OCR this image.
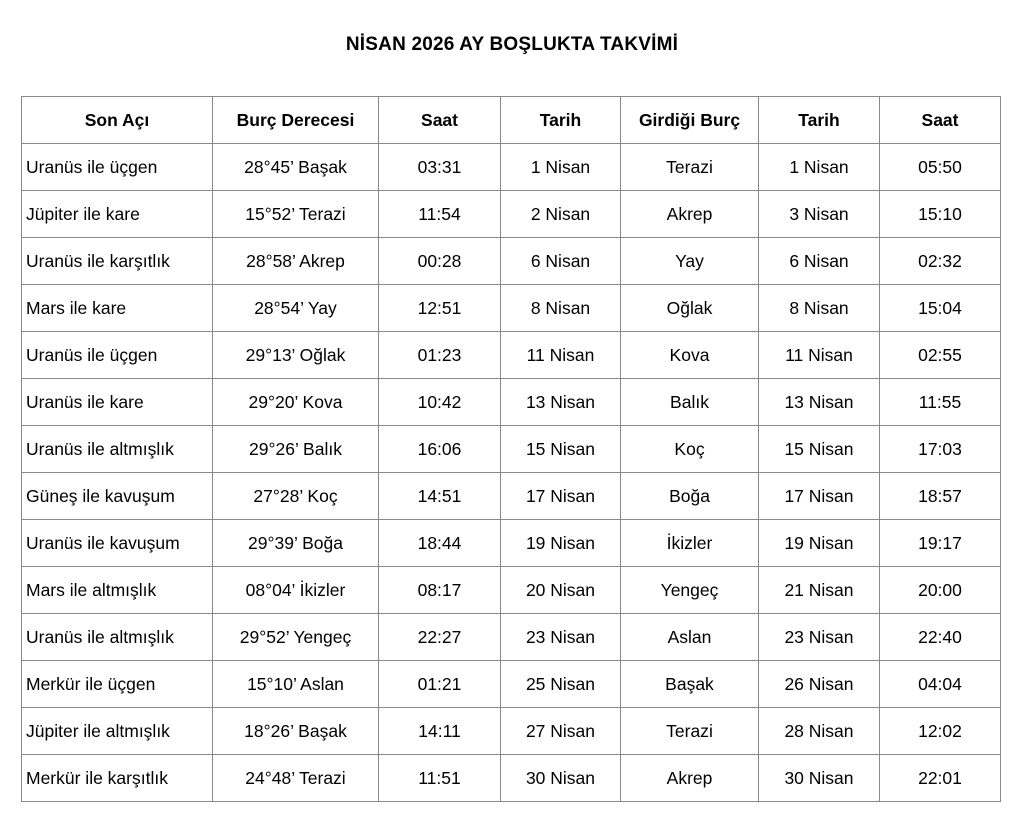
NİSAN 2026 AY BOŞLUKTA TAKVİMİ
Son Açı	Burç Derecesi	Saat	Tarih	Girdiği Burç	Tarih	Saat
Uranüs ile üçgen	28°45’ Başak	03:31	1 Nisan	Terazi	1 Nisan	05:50
Jüpiter ile kare	15°52’ Terazi	11:54	2 Nisan	Akrep	3 Nisan	15:10
Uranüs ile karşıtlık	28°58’ Akrep	00:28	6 Nisan	Yay	6 Nisan	02:32
Mars ile kare	28°54’ Yay	12:51	8 Nisan	Oğlak	8 Nisan	15:04
Uranüs ile üçgen	29°13’ Oğlak	01:23	11 Nisan	Kova	11 Nisan	02:55
Uranüs ile kare	29°20’ Kova	10:42	13 Nisan	Balık	13 Nisan	11:55
Uranüs ile altmışlık	29°26’ Balık	16:06	15 Nisan	Koç	15 Nisan	17:03
Güneş ile kavuşum	27°28’ Koç	14:51	17 Nisan	Boğa	17 Nisan	18:57
Uranüs ile kavuşum	29°39’ Boğa	18:44	19 Nisan	İkizler	19 Nisan	19:17
Mars ile altmışlık	08°04’ İkizler	08:17	20 Nisan	Yengeç	21 Nisan	20:00
Uranüs ile altmışlık	29°52’ Yengeç	22:27	23 Nisan	Aslan	23 Nisan	22:40
Merkür ile üçgen	15°10’ Aslan	01:21	25 Nisan	Başak	26 Nisan	04:04
Jüpiter ile altmışlık	18°26’ Başak	14:11	27 Nisan	Terazi	28 Nisan	12:02
Merkür ile karşıtlık	24°48’ Terazi	11:51	30 Nisan	Akrep	30 Nisan	22:01
